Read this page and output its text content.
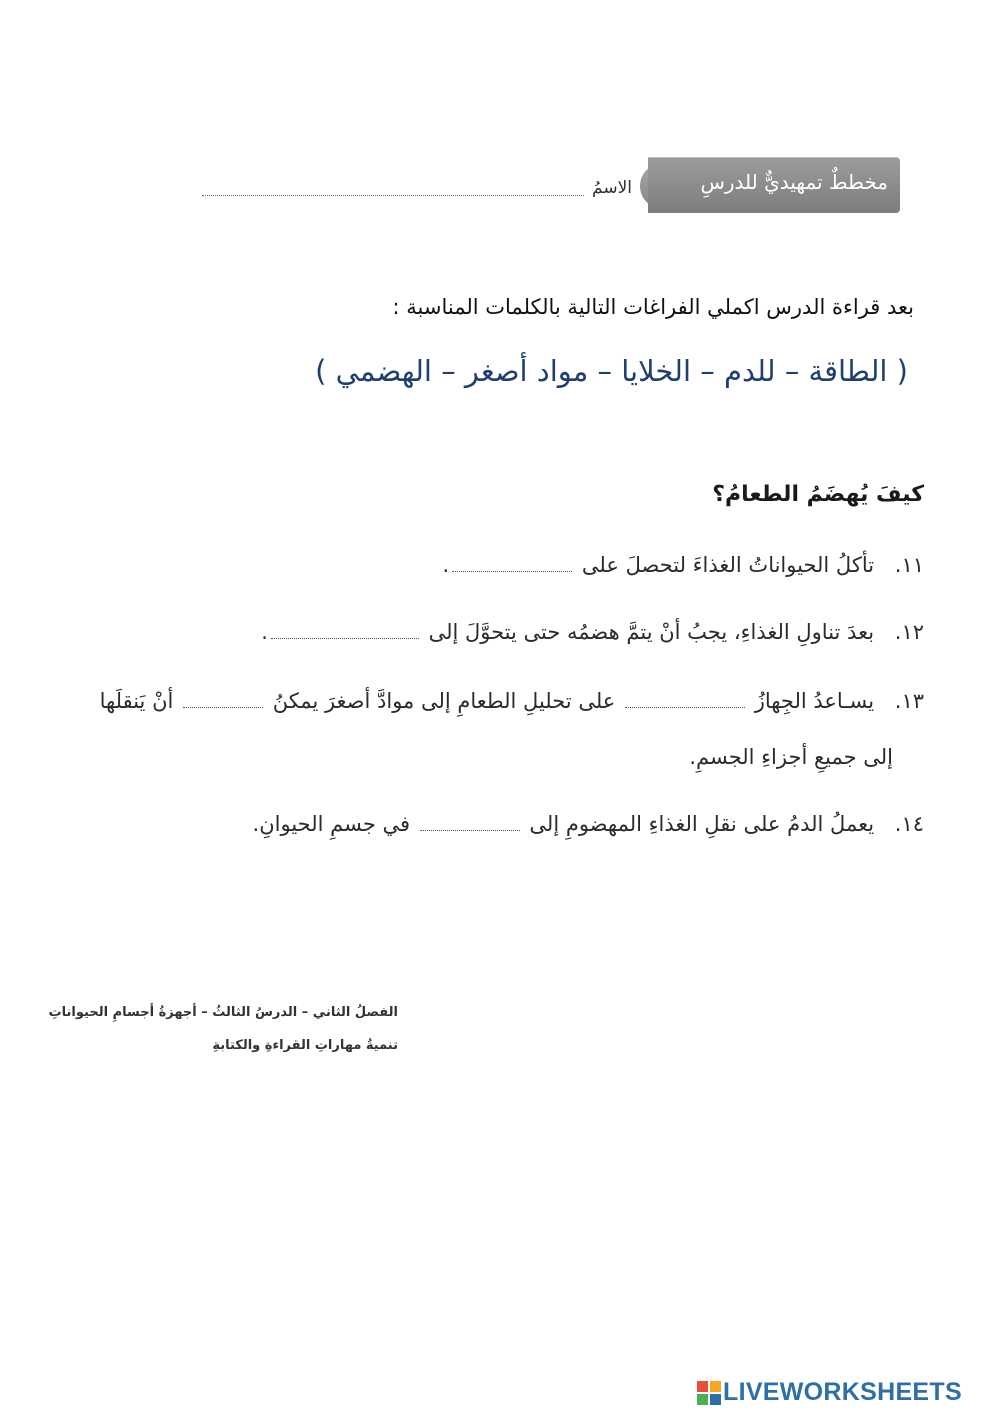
مخططٌ تمهيديٌّ للدرسِ
الاسمُ
بعد قراءة الدرس اكملي الفراغات التالية بالكلمات المناسبة :
( الطاقة – للدم – الخلايا – مواد أصغر – الهضمي )
كيفَ يُهضَمُ الطعامُ؟
١١. تأكلُ الحيواناتُ الغذاءَ لتحصلَ على .
١٢. بعدَ تناولِ الغذاءِ، يجبُ أنْ يتمَّ هضمُه حتى يتحوَّلَ إلى .
١٣. يسـاعدُ الجِهازُ  على تحليلِ الطعامِ إلى موادَّ أصغرَ يمكنُ  أنْ يَنقلَها
إلى جميعِ أجزاءِ الجسمِ.
١٤. يعملُ الدمُ على نقلِ الغذاءِ المهضومِ إلى  في جسمِ الحيوانِ.
الفصلُ الثاني – الدرسُ الثالثُ – أجهزةُ أجسامِ الحيواناتِ
تنميةُ مهاراتِ القراءةِ والكتابةِ
LIVEWORKSHEETS
